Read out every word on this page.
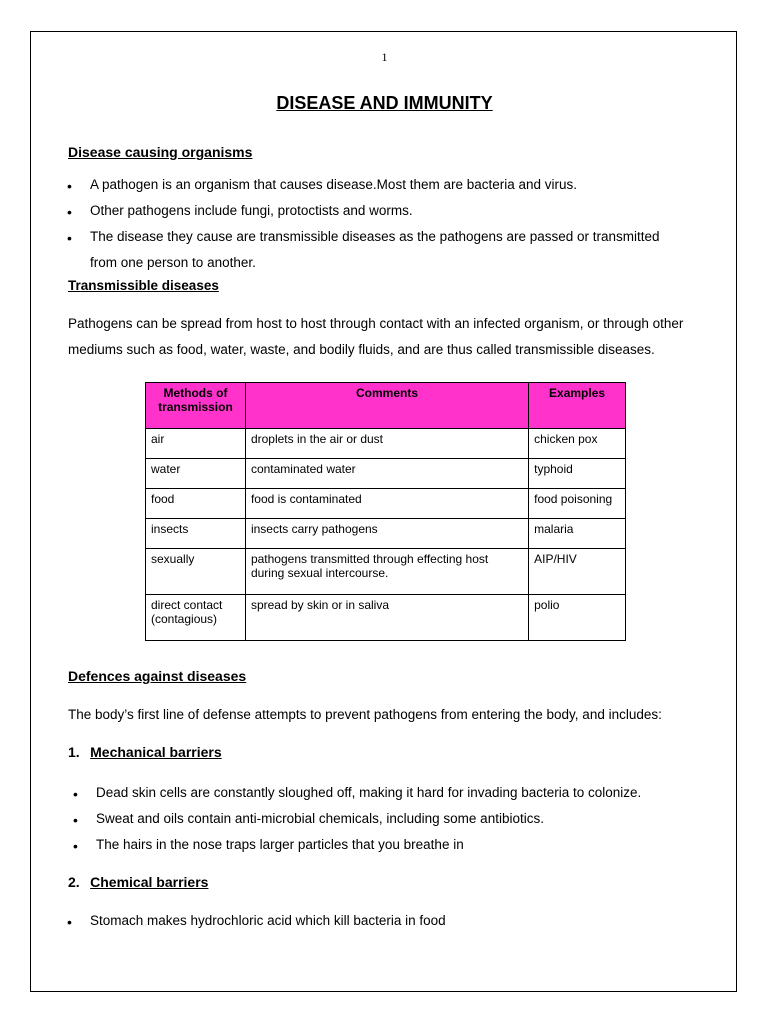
1
DISEASE AND IMMUNITY
Disease causing organisms
• A pathogen is an organism that causes disease.Most them are bacteria and virus.
• Other pathogens include fungi, protoctists and worms.
• The disease they cause are transmissible diseases as the pathogens are passed or transmitted
from one person to another.
Transmissible diseases
Pathogens can be spread from host to host through contact with an infected organism, or through other
mediums such as food, water, waste, and bodily fluids, and are thus called transmissible diseases.
Methods of transmission	Comments	Examples
air	droplets in the air or dust	chicken pox
water	contaminated water	typhoid
food	food is contaminated	food poisoning
insects	insects carry pathogens	malaria
sexually	pathogens transmitted through effecting host during sexual intercourse.	AIP/HIV
direct contact (contagious)	spread by skin or in saliva	polio
Defences against diseases
The body’s first line of defense attempts to prevent pathogens from entering the body, and includes:
1. Mechanical barriers
• Dead skin cells are constantly sloughed off, making it hard for invading bacteria to colonize.
• Sweat and oils contain anti-microbial chemicals, including some antibiotics.
• The hairs in the nose traps larger particles that you breathe in
2. Chemical barriers
• Stomach makes hydrochloric acid which kill bacteria in food
